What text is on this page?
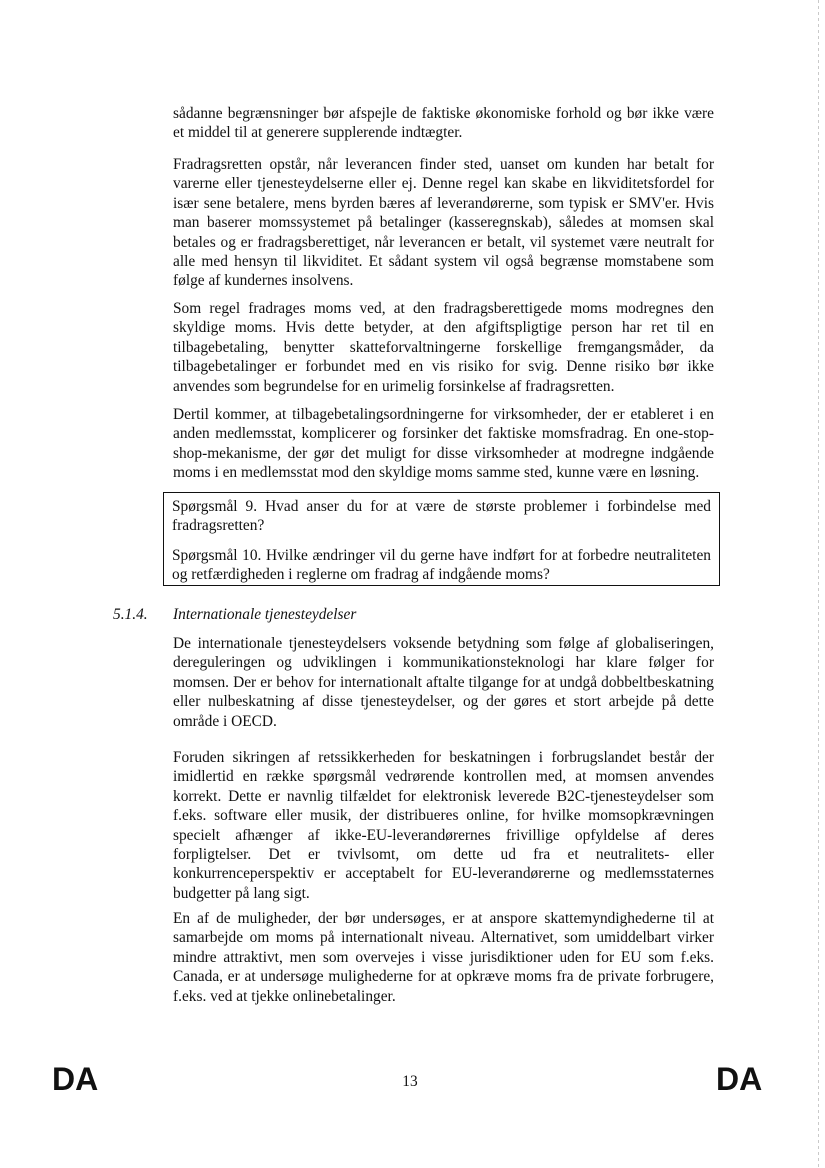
sådanne begrænsninger bør afspejle de faktiske økonomiske forhold og bør ikke være et middel til at generere supplerende indtægter.

Fradragsretten opstår, når leverancen finder sted, uanset om kunden har betalt for varerne eller tjenesteydelserne eller ej. Denne regel kan skabe en likviditetsfordel for især sene betalere, mens byrden bæres af leverandørerne, som typisk er SMV'er. Hvis man baserer momssystemet på betalinger (kasseregnskab), således at momsen skal betales og er fradragsberettiget, når leverancen er betalt, vil systemet være neutralt for alle med hensyn til likviditet. Et sådant system vil også begrænse momstabene som følge af kundernes insolvens.

Som regel fradrages moms ved, at den fradragsberettigede moms modregnes den skyldige moms. Hvis dette betyder, at den afgiftspligtige person har ret til en tilbagebetaling, benytter skatteforvaltningerne forskellige fremgangsmåder, da tilbagebetalinger er forbundet med en vis risiko for svig. Denne risiko bør ikke anvendes som begrundelse for en urimelig forsinkelse af fradragsretten.

Dertil kommer, at tilbagebetalingsordningerne for virksomheder, der er etableret i en anden medlemsstat, komplicerer og forsinker det faktiske momsfradrag. En one-stop-shop-mekanisme, der gør det muligt for disse virksomheder at modregne indgående moms i en medlemsstat mod den skyldige moms samme sted, kunne være en løsning.

Spørgsmål 9. Hvad anser du for at være de største problemer i forbindelse med fradragsretten?

Spørgsmål 10. Hvilke ændringer vil du gerne have indført for at forbedre neutraliteten og retfærdigheden i reglerne om fradrag af indgående moms?

5.1.4. Internationale tjenesteydelser

De internationale tjenesteydelsers voksende betydning som følge af globaliseringen, dereguleringen og udviklingen i kommunikationsteknologi har klare følger for momsen. Der er behov for internationalt aftalte tilgange for at undgå dobbeltbeskatning eller nulbeskatning af disse tjenesteydelser, og der gøres et stort arbejde på dette område i OECD.

Foruden sikringen af retssikkerheden for beskatningen i forbrugslandet består der imidlertid en række spørgsmål vedrørende kontrollen med, at momsen anvendes korrekt. Dette er navnlig tilfældet for elektronisk leverede B2C-tjenesteydelser som f.eks. software eller musik, der distribueres online, for hvilke momsopkrævningen specielt afhænger af ikke-EU-leverandørernes frivillige opfyldelse af deres forpligtelser. Det er tvivlsomt, om dette ud fra et neutralitets- eller konkurrenceperspektiv er acceptabelt for EU-leverandørerne og medlemsstaternes budgetter på lang sigt.

En af de muligheder, der bør undersøges, er at anspore skattemyndighederne til at samarbejde om moms på internationalt niveau. Alternativet, som umiddelbart virker mindre attraktivt, men som overvejes i visse jurisdiktioner uden for EU som f.eks. Canada, er at undersøge mulighederne for at opkræve moms fra de private forbrugere, f.eks. ved at tjekke onlinebetalinger.

DA	13	DA
